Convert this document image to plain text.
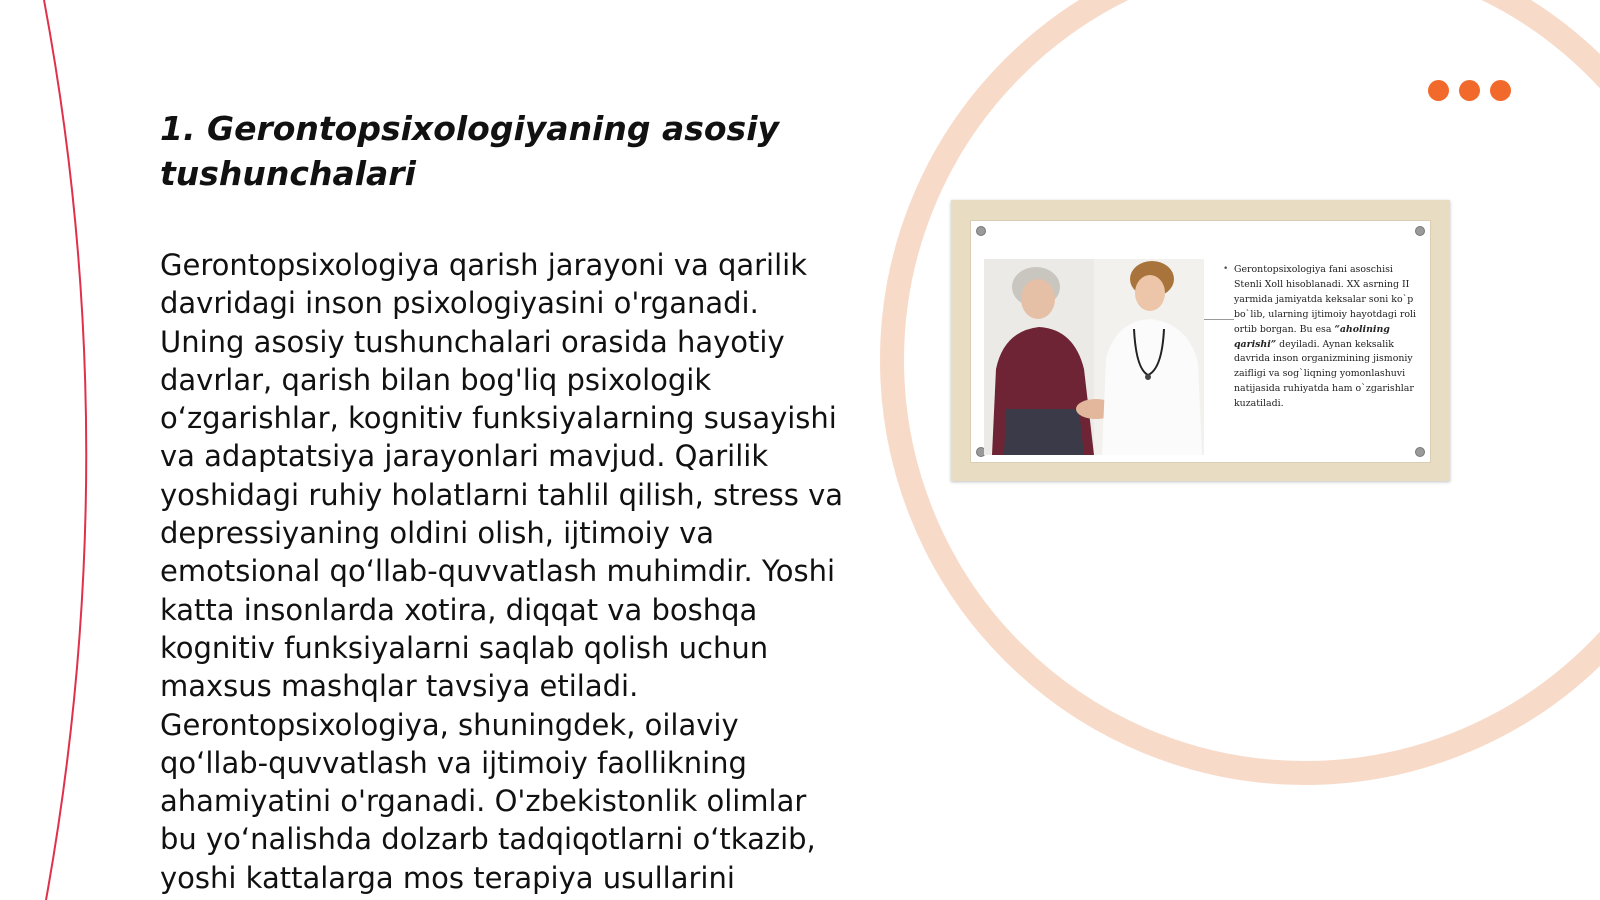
1. Gerontopsixologiyaning asosiy tushunchalari

Gerontopsixologiya qarish jarayoni va qarilik davridagi inson psixologiyasini o'rganadi. Uning asosiy tushunchalari orasida hayotiy davrlar, qarish bilan bog'liq psixologik o‘zgarishlar, kognitiv funksiyalarning susayishi va adaptatsiya jarayonlari mavjud. Qarilik yoshidagi ruhiy holatlarni tahlil qilish, stress va depressiyaning oldini olish, ijtimoiy va emotsional qo‘llab-quvvatlash muhimdir. Yoshi katta insonlarda xotira, diqqat va boshqa kognitiv funksiyalarni saqlab qolish uchun maxsus mashqlar tavsiya etiladi. Gerontopsixologiya, shuningdek, oilaviy qo‘llab-quvvatlash va ijtimoiy faollikning ahamiyatini o'rganadi. O'zbekistonlik olimlar bu yo‘nalishda dolzarb tadqiqotlarni o‘tkazib, yoshi kattalarga mos terapiya usullarini

• Gerontopsixologiya fani asoschisi Stenli Xoll hisoblanadi. XX asrning II yarmida jamiyatda keksalar soni ko`p bo`lib, ularning ijtimoiy hayotdagi roli ortib borgan. Bu esa “aholining qarishi” deyiladi. Aynan keksalik davrida inson organizmining jismoniy zaifligi va sog`liqning yomonlashuvi natijasida ruhiyatda ham o`zgarishlar kuzatiladi.
